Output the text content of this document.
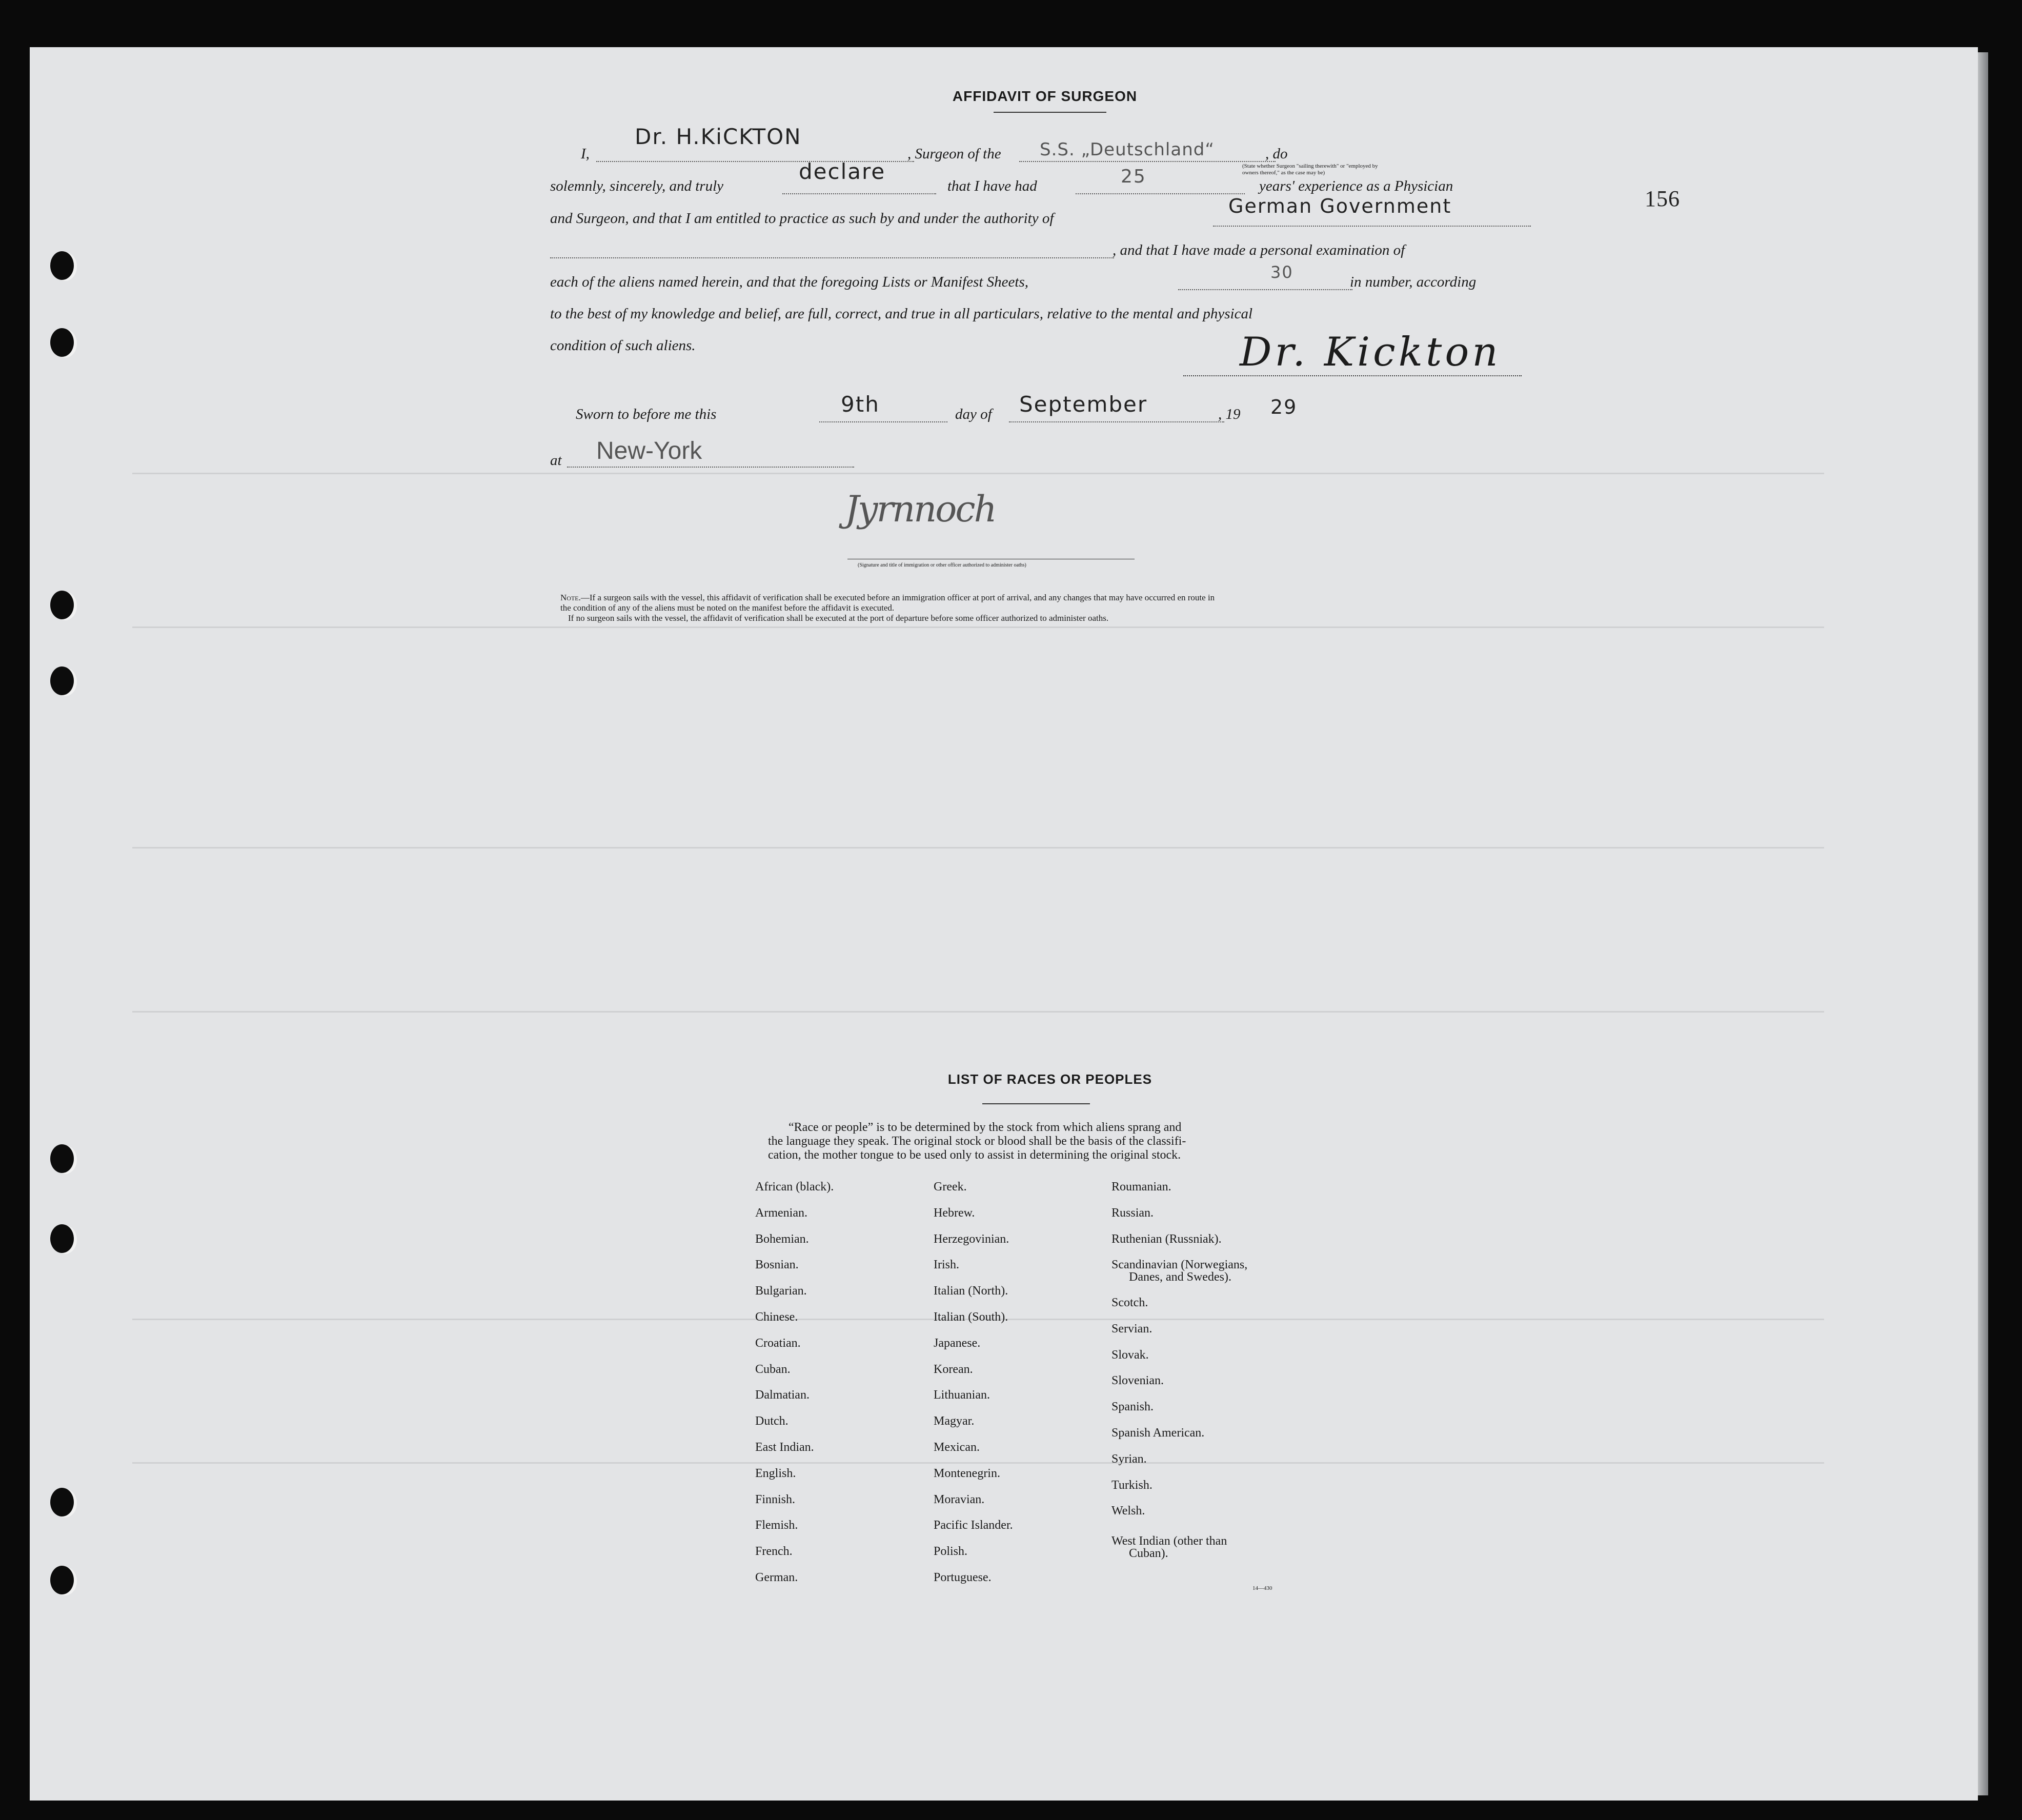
156
AFFIDAVIT OF SURGEON
I,
Dr. H.KiCKTON
, Surgeon of the S.S. „Deutschland“	, do
(State whether Surgeon "sailing therewith" or "employed by owners thereof," as the case may be)
solemnly, sincerely, and truly
declare
that I have had	25	years' experience as a Physician
and Surgeon, and that I am entitled to practice as such by and under the authority of
German Government
, and that I have made a personal examination of
each of the aliens named herein, and that the foregoing Lists or Manifest Sheets,	30	in number, according
to the best of my knowledge and belief, are full, correct, and true in all particulars, relative to the mental and physical
condition of such aliens.	Dr. Kickton
Sworn to before me this	9th	day of September	, 19 29
at New-York
Jyrnnoch
(Signature and title of immigration or other officer authorized to administer oaths)
Note.—If a surgeon sails with the vessel, this affidavit of verification shall be executed before an immigration officer at port of arrival, and any changes that may have occurred en route in
the condition of any of the aliens must be noted on the manifest before the affidavit is executed.
If no surgeon sails with the vessel, the affidavit of verification shall be executed at the port of departure before some officer authorized to administer oaths.
LIST OF RACES OR PEOPLES
“Race or people” is to be determined by the stock from which aliens sprang and
the language they speak. The original stock or blood shall be the basis of the classifi-
cation, the mother tongue to be used only to assist in determining the original stock.
African (black).
Armenian.
Bohemian.
Bosnian.
Bulgarian.
Chinese.
Croatian.
Cuban.
Dalmatian.
Dutch.
East Indian.
English.
Finnish.
Flemish.
French.
German.
Greek.
Hebrew.
Herzegovinian.
Irish.
Italian (North).
Italian (South).
Japanese.
Korean.
Lithuanian.
Magyar.
Mexican.
Montenegrin.
Moravian.
Pacific Islander.
Polish.
Portuguese.
Roumanian.
Russian.
Ruthenian (Russniak).
Scandinavian (Norwegians,
Danes, and Swedes).
Scotch.
Servian.
Slovak.
Slovenian.
Spanish.
Spanish American.
Syrian.
Turkish.
Welsh.
West Indian (other than
Cuban).
14—430
